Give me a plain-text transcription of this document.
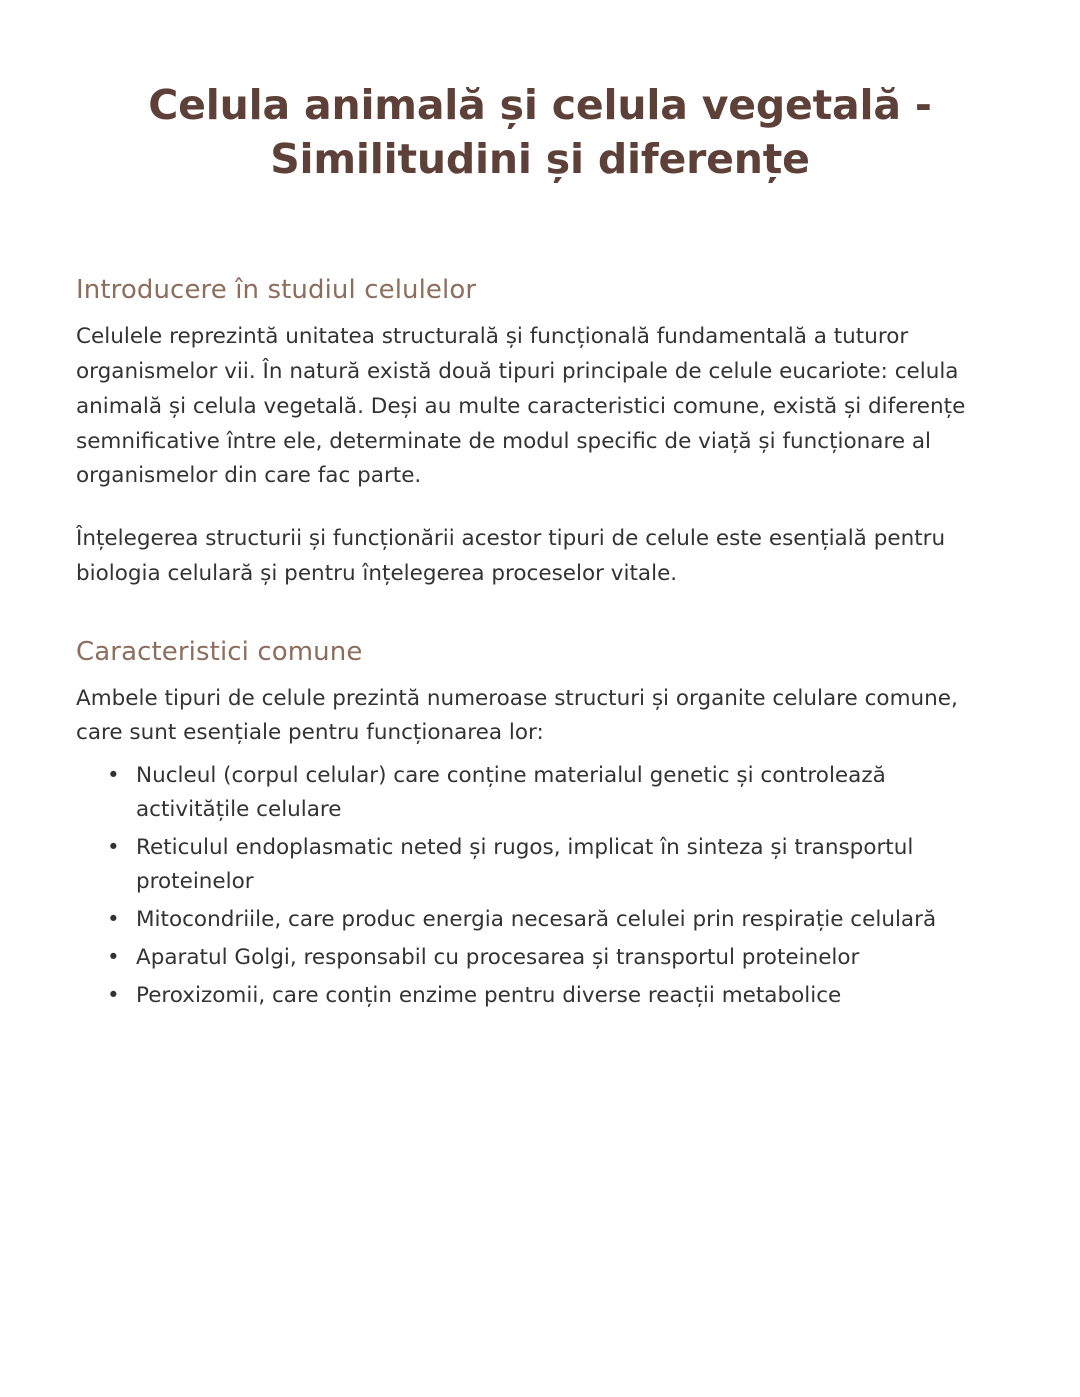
Celula animală și celula vegetală - Similitudini și diferențe
Introducere în studiul celulelor

Celulele reprezintă unitatea structurală și funcțională fundamentală a tuturor organismelor vii. În natură există două tipuri principale de celule eucariote: celula animală și celula vegetală. Deși au multe caracteristici comune, există și diferențe semnificative între ele, determinate de modul specific de viață și funcționare al organismelor din care fac parte.

Înțelegerea structurii și funcționării acestor tipuri de celule este esențială pentru biologia celulară și pentru înțelegerea proceselor vitale.

Caracteristici comune

Ambele tipuri de celule prezintă numeroase structuri și organite celulare comune, care sunt esențiale pentru funcționarea lor:

• Nucleul (corpul celular) care conține materialul genetic și controlează activitățile celulare
• Reticulul endoplasmatic neted și rugos, implicat în sinteza și transportul proteinelor
• Mitocondriile, care produc energia necesară celulei prin respirație celulară
• Aparatul Golgi, responsabil cu procesarea și transportul proteinelor
• Peroxizomii, care conțin enzime pentru diverse reacții metabolice
